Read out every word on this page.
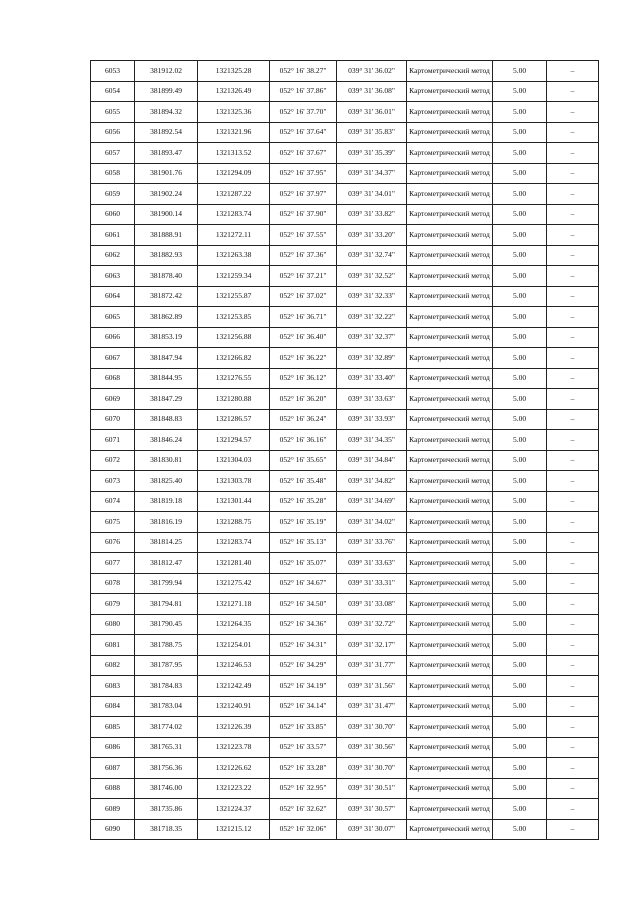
6053	381912.02	1321325.28	052° 16' 38.27"	039° 31' 36.02"	Картометрический метод	5.00	–
6054	381899.49	1321326.49	052° 16' 37.86"	039° 31' 36.08"	Картометрический метод	5.00	–
6055	381894.32	1321325.36	052° 16' 37.70"	039° 31' 36.01"	Картометрический метод	5.00	–
6056	381892.54	1321321.96	052° 16' 37.64"	039° 31' 35.83"	Картометрический метод	5.00	–
6057	381893.47	1321313.52	052° 16' 37.67"	039° 31' 35.39"	Картометрический метод	5.00	–
6058	381901.76	1321294.09	052° 16' 37.95"	039° 31' 34.37"	Картометрический метод	5.00	–
6059	381902.24	1321287.22	052° 16' 37.97"	039° 31' 34.01"	Картометрический метод	5.00	–
6060	381900.14	1321283.74	052° 16' 37.90"	039° 31' 33.82"	Картометрический метод	5.00	–
6061	381888.91	1321272.11	052° 16' 37.55"	039° 31' 33.20"	Картометрический метод	5.00	–
6062	381882.93	1321263.38	052° 16' 37.36"	039° 31' 32.74"	Картометрический метод	5.00	–
6063	381878.40	1321259.34	052° 16' 37.21"	039° 31' 32.52"	Картометрический метод	5.00	–
6064	381872.42	1321255.87	052° 16' 37.02"	039° 31' 32.33"	Картометрический метод	5.00	–
6065	381862.89	1321253.85	052° 16' 36.71"	039° 31' 32.22"	Картометрический метод	5.00	–
6066	381853.19	1321256.88	052° 16' 36.40"	039° 31' 32.37"	Картометрический метод	5.00	–
6067	381847.94	1321266.82	052° 16' 36.22"	039° 31' 32.89"	Картометрический метод	5.00	–
6068	381844.95	1321276.55	052° 16' 36.12"	039° 31' 33.40"	Картометрический метод	5.00	–
6069	381847.29	1321280.88	052° 16' 36.20"	039° 31' 33.63"	Картометрический метод	5.00	–
6070	381848.83	1321286.57	052° 16' 36.24"	039° 31' 33.93"	Картометрический метод	5.00	–
6071	381846.24	1321294.57	052° 16' 36.16"	039° 31' 34.35"	Картометрический метод	5.00	–
6072	381830.81	1321304.03	052° 16' 35.65"	039° 31' 34.84"	Картометрический метод	5.00	–
6073	381825.40	1321303.78	052° 16' 35.48"	039° 31' 34.82"	Картометрический метод	5.00	–
6074	381819.18	1321301.44	052° 16' 35.28"	039° 31' 34.69"	Картометрический метод	5.00	–
6075	381816.19	1321288.75	052° 16' 35.19"	039° 31' 34.02"	Картометрический метод	5.00	–
6076	381814.25	1321283.74	052° 16' 35.13"	039° 31' 33.76"	Картометрический метод	5.00	–
6077	381812.47	1321281.40	052° 16' 35.07"	039° 31' 33.63"	Картометрический метод	5.00	–
6078	381799.94	1321275.42	052° 16' 34.67"	039° 31' 33.31"	Картометрический метод	5.00	–
6079	381794.81	1321271.18	052° 16' 34.50"	039° 31' 33.08"	Картометрический метод	5.00	–
6080	381790.45	1321264.35	052° 16' 34.36"	039° 31' 32.72"	Картометрический метод	5.00	–
6081	381788.75	1321254.01	052° 16' 34.31"	039° 31' 32.17"	Картометрический метод	5.00	–
6082	381787.95	1321246.53	052° 16' 34.29"	039° 31' 31.77"	Картометрический метод	5.00	–
6083	381784.83	1321242.49	052° 16' 34.19"	039° 31' 31.56"	Картометрический метод	5.00	–
6084	381783.04	1321240.91	052° 16' 34.14"	039° 31' 31.47"	Картометрический метод	5.00	–
6085	381774.02	1321226.39	052° 16' 33.85"	039° 31' 30.70"	Картометрический метод	5.00	–
6086	381765.31	1321223.78	052° 16' 33.57"	039° 31' 30.56"	Картометрический метод	5.00	–
6087	381756.36	1321226.62	052° 16' 33.28"	039° 31' 30.70"	Картометрический метод	5.00	–
6088	381746.00	1321223.22	052° 16' 32.95"	039° 31' 30.51"	Картометрический метод	5.00	–
6089	381735.86	1321224.37	052° 16' 32.62"	039° 31' 30.57"	Картометрический метод	5.00	–
6090	381718.35	1321215.12	052° 16' 32.06"	039° 31' 30.07"	Картометрический метод	5.00	–
